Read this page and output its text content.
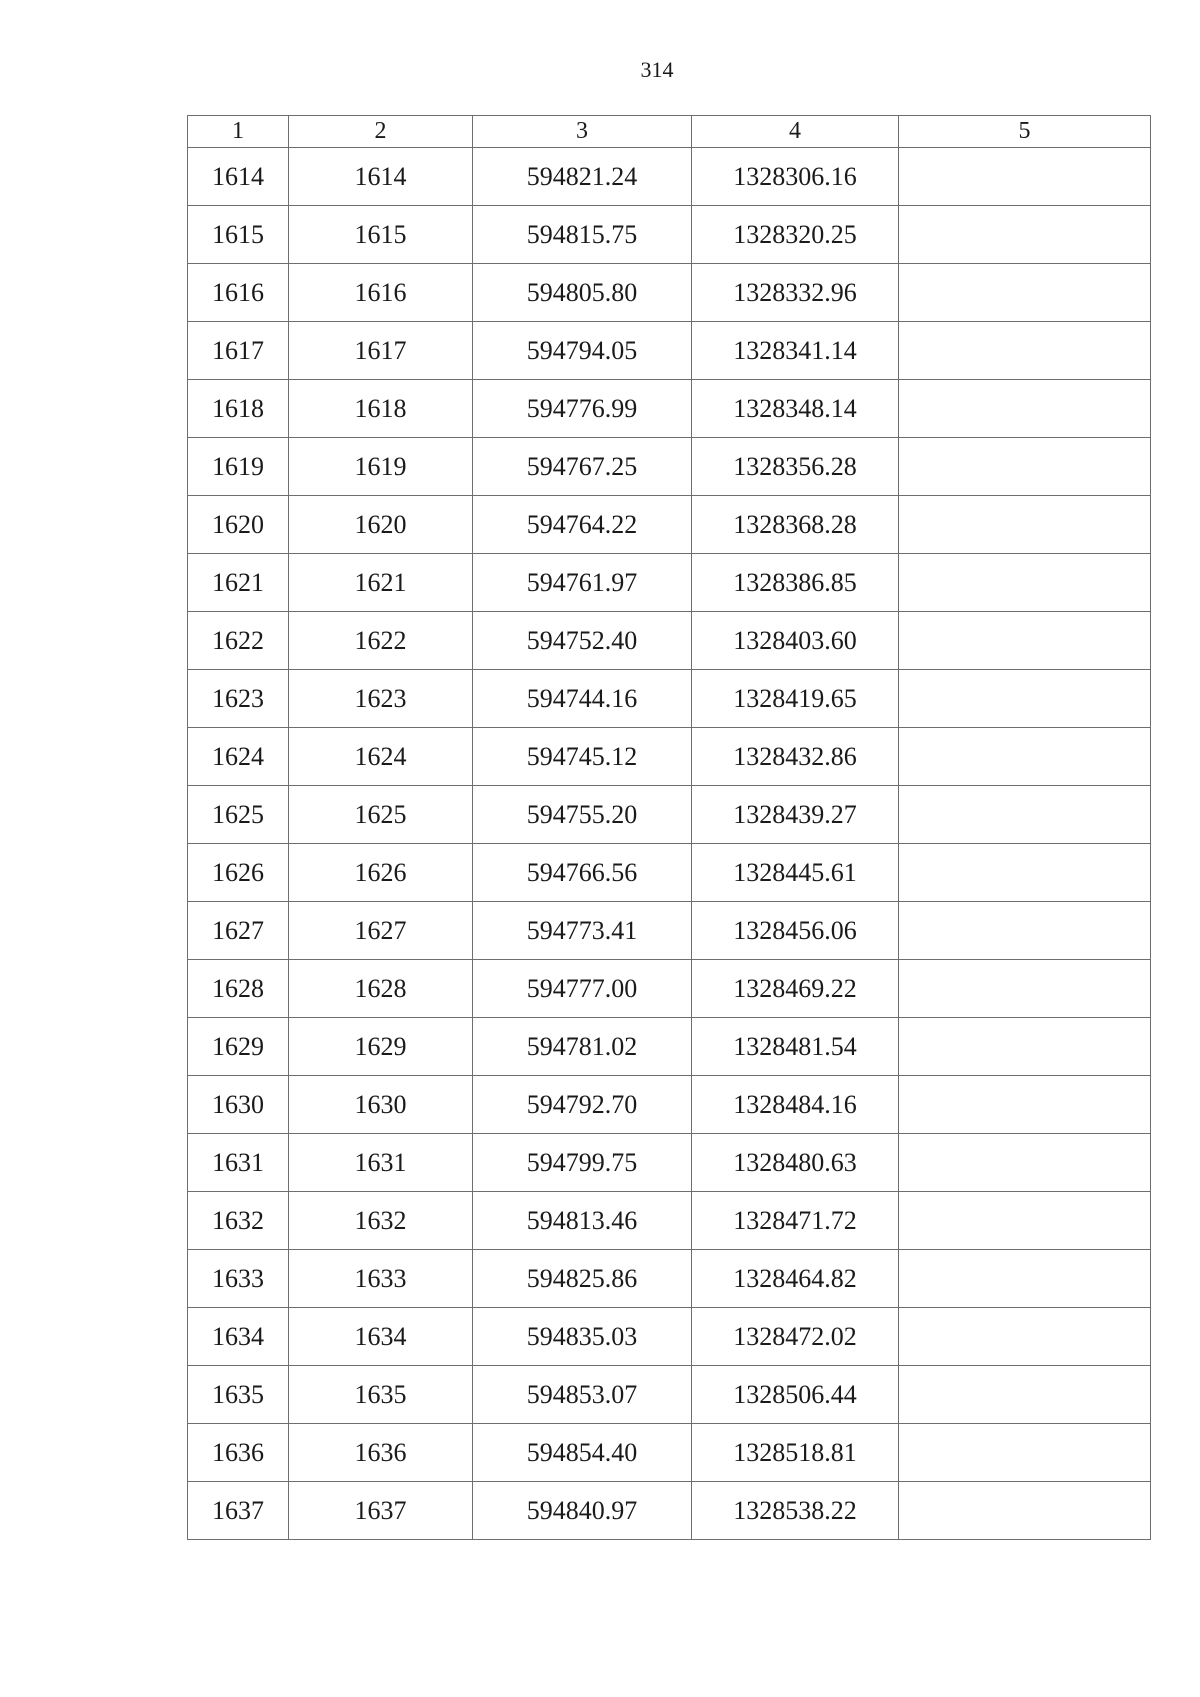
314
1	2	3	4	5
1614	1614	594821.24	1328306.16	
1615	1615	594815.75	1328320.25	
1616	1616	594805.80	1328332.96	
1617	1617	594794.05	1328341.14	
1618	1618	594776.99	1328348.14	
1619	1619	594767.25	1328356.28	
1620	1620	594764.22	1328368.28	
1621	1621	594761.97	1328386.85	
1622	1622	594752.40	1328403.60	
1623	1623	594744.16	1328419.65	
1624	1624	594745.12	1328432.86	
1625	1625	594755.20	1328439.27	
1626	1626	594766.56	1328445.61	
1627	1627	594773.41	1328456.06	
1628	1628	594777.00	1328469.22	
1629	1629	594781.02	1328481.54	
1630	1630	594792.70	1328484.16	
1631	1631	594799.75	1328480.63	
1632	1632	594813.46	1328471.72	
1633	1633	594825.86	1328464.82	
1634	1634	594835.03	1328472.02	
1635	1635	594853.07	1328506.44	
1636	1636	594854.40	1328518.81	
1637	1637	594840.97	1328538.22	
